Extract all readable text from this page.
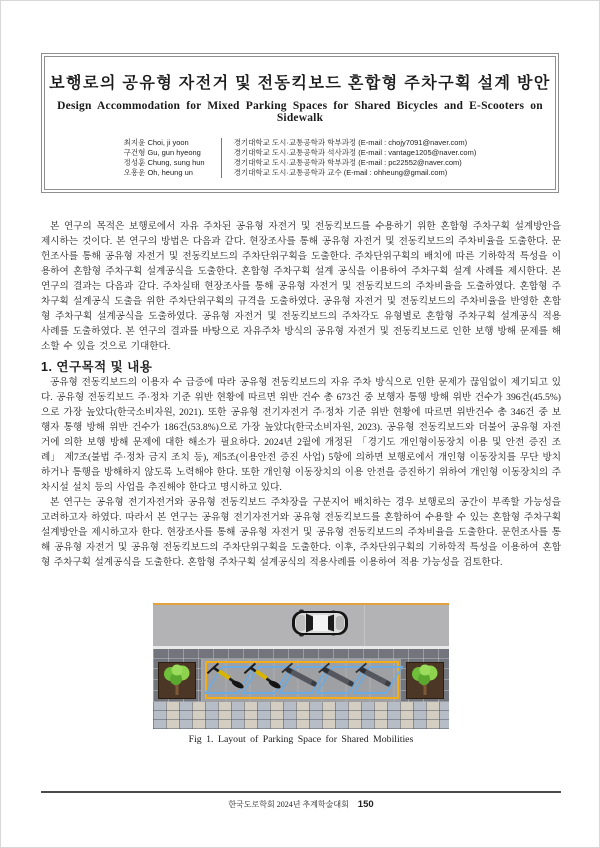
보행로의 공유형 자전거 및 전동킥보드 혼합형 주차구획 설계 방안
Design Accommodation for Mixed Parking Spaces for Shared Bicycles and E-Scooters on Sidewalk
최지윤 Choi, ji yoon
구건형 Gu, gun hyeong
정성훈 Chung, sung hun
오흥운 Oh, heung un
경기대학교 도시·교통공학과 학부과정 (E-mail : chojy7091@naver.com)
경기대학교 도시·교통공학과 석사과정 (E-mail : vantage1205@naver.com)
경기대학교 도시·교통공학과 학부과정 (E-mail : pc22552@naver.com)
경기대학교 도시·교통공학과 교수 (E-mail : ohheung@gmail.com)

본 연구의 목적은 보행로에서 자유 주차된 공유형 자전거 및 전동킥보드를 수용하기 위한 혼합형 주차구획 설계방안을 제시하는 것이다. 본 연구의 방법은 다음과 같다. 현장조사를 통해 공유형 자전거 및 전동킥보드의 주차비율을 도출한다. 문헌조사를 통해 공유형 자전거 및 전동킥보드의 주차단위구획을 도출한다. 주차단위구획의 배치에 따른 기하학적 특성을 이용하여 혼합형 주차구획 설계공식을 도출한다. 혼합형 주차구획 설계 공식을 이용하여 주차구획 설계 사례를 제시한다. 본 연구의 결과는 다음과 같다. 주차실태 현장조사를 통해 공유형 자전거 및 전동킥보드의 주차비율을 도출하였다. 혼합형 주차구획 설계공식 도출을 위한 주차단위구획의 규격을 도출하였다. 공유형 자전거 및 전동킥보드의 주차비율을 반영한 혼합형 주차구획 설계공식을 도출하였다. 공유형 자전거 및 전동킥보드의 주차각도 유형별로 혼합형 주차구획 설계공식 적용 사례를 도출하였다. 본 연구의 결과를 바탕으로 자유주차 방식의 공유형 자전거 및 전동킥보드로 인한 보행 방해 문제를 해소할 수 있을 것으로 기대한다.

1. 연구목적 및 내용

공유형 전동킥보드의 이용자 수 급증에 따라 공유형 전동킥보드의 자유 주차 방식으로 인한 문제가 끊임없이 제기되고 있다. 공유형 전동킥보드 주·정차 기준 위반 현황에 따르면 위반 건수 총 673건 중 보행자 통행 방해 위반 건수가 396건(45.5%)으로 가장 높았다(한국소비자원, 2021). 또한 공유형 전기자전거 주·정차 기준 위반 현황에 따르면 위반건수 총 346건 중 보행자 통행 방해 위반 건수가 186건(53.8%)으로 가장 높았다(한국소비자원, 2023). 공유형 전동킥보드와 더불어 공유형 자전거에 의한 보행 방해 문제에 대한 해소가 필요하다. 2024년 2월에 개정된 「경기도 개인형이동장치 이용 및 안전 증진 조례」 제7조(불법 주·정차 금지 조치 등), 제5조(이용안전 증진 사업) 5항에 의하면 보행로에서 개인형 이동장치를 무단 방치하거나 통행을 방해하지 않도록 노력해야 한다. 또한 개인형 이동장치의 이용 안전을 증진하기 위하여 개인형 이동장치의 주차시설 설치 등의 사업을 추진해야 한다고 명시하고 있다.

본 연구는 공유형 전기자전거와 공유형 전동킥보드 주차장을 구분지어 배치하는 경우 보행로의 공간이 부족할 가능성을 고려하고자 하였다. 따라서 본 연구는 공유형 전기자전거와 공유형 전동킥보드를 혼합하여 수용할 수 있는 혼합형 주차구획 설계방안을 제시하고자 한다. 현장조사를 통해 공유형 자전거 및 공유형 전동킥보드의 주차비율을 도출한다. 문헌조사를 통해 공유형 자전거 및 공유형 전동킥보드의 주차단위구획을 도출한다. 이후, 주차단위구획의 기하학적 특성을 이용하여 혼합형 주차구획 설계공식을 도출한다. 혼합형 주차구획 설계공식의 적용사례를 이용하여 적용 가능성을 검토한다.

Fig 1. Layout of Parking Space for Shared Mobilities
한국도로학회 2024년 추계학술대회 150
